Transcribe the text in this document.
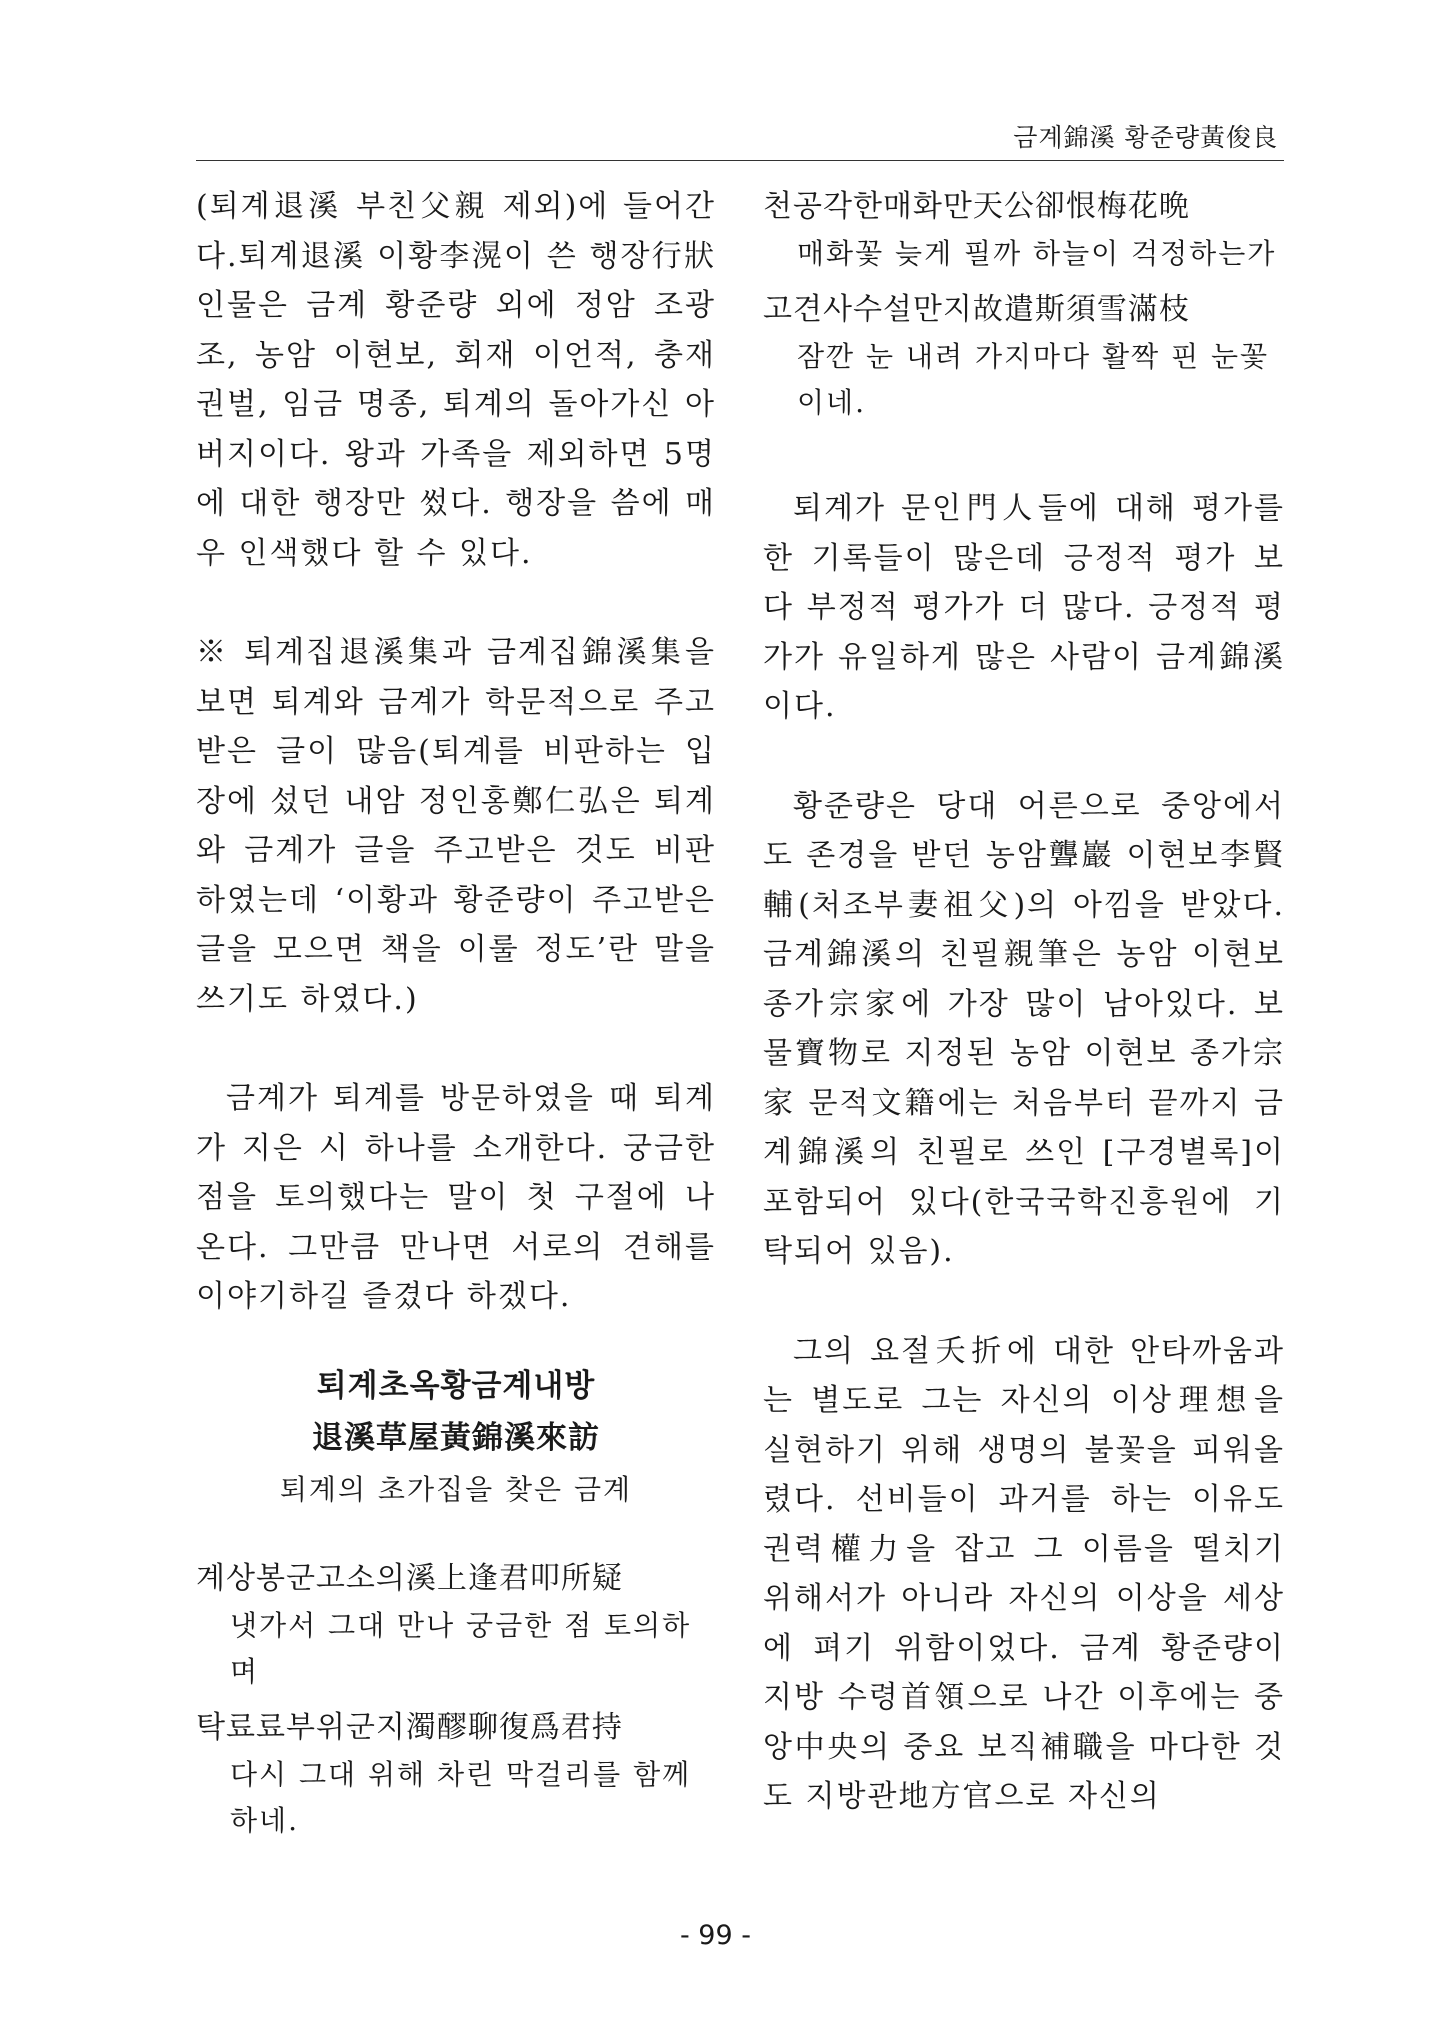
금계錦溪 황준량黃俊良

(퇴계退溪 부친父親 제외)에 들어간다.퇴계退溪 이황李滉이 쓴 행장行狀 인물은 금계 황준량 외에 정암 조광조, 농암 이현보, 회재 이언적, 충재 권벌, 임금 명종, 퇴계의 돌아가신 아버지이다. 왕과 가족을 제외하면 5명에 대한 행장만 썼다. 행장을 씀에 매우 인색했다 할 수 있다.

※ 퇴계집退溪集과 금계집錦溪集을 보면 퇴계와 금계가 학문적으로 주고받은 글이 많음(퇴계를 비판하는 입장에 섰던 내암 정인홍鄭仁弘은 퇴계와 금계가 글을 주고받은 것도 비판하였는데 ‘이황과 황준량이 주고받은 글을 모으면 책을 이룰 정도’란 말을 쓰기도 하였다.)

금계가 퇴계를 방문하였을 때 퇴계가 지은 시 하나를 소개한다. 궁금한 점을 토의했다는 말이 첫 구절에 나온다. 그만큼 만나면 서로의 견해를 이야기하길 즐겼다 하겠다.

퇴계초옥황금계내방
退溪草屋黃錦溪來訪
퇴계의 초가집을 찾은 금계
계상봉군고소의溪上逢君叩所疑
냇가서 그대 만나 궁금한 점 토의하며
탁료료부위군지濁醪聊復爲君持
다시 그대 위해 차린 막걸리를 함께 하네.
천공각한매화만天公卻恨梅花晩
매화꽃 늦게 필까 하늘이 걱정하는가
고견사수설만지故遣斯須雪滿枝
잠깐 눈 내려 가지마다 활짝 핀 눈꽃이네.

퇴계가 문인門人들에 대해 평가를 한 기록들이 많은데 긍정적 평가 보다 부정적 평가가 더 많다. 긍정적 평가가 유일하게 많은 사람이 금계錦溪이다.

황준량은 당대 어른으로 중앙에서도 존경을 받던 농암聾巖 이현보李賢輔(처조부妻祖父)의 아낌을 받았다. 금계錦溪의 친필親筆은 농암 이현보 종가宗家에 가장 많이 남아있다. 보물寶物로 지정된 농암 이현보 종가宗家 문적文籍에는 처음부터 끝까지 금계錦溪의 친필로 쓰인 [구경별록]이 포함되어 있다(한국국학진흥원에 기탁되어 있음).

그의 요절夭折에 대한 안타까움과는 별도로 그는 자신의 이상理想을 실현하기 위해 생명의 불꽃을 피워올렸다. 선비들이 과거를 하는 이유도 권력權力을 잡고 그 이름을 떨치기 위해서가 아니라 자신의 이상을 세상에 펴기 위함이었다. 금계 황준량이 지방 수령首領으로 나간 이후에는 중앙中央의 중요 보직補職을 마다한 것도 지방관地方官으로 자신의

- 99 -
